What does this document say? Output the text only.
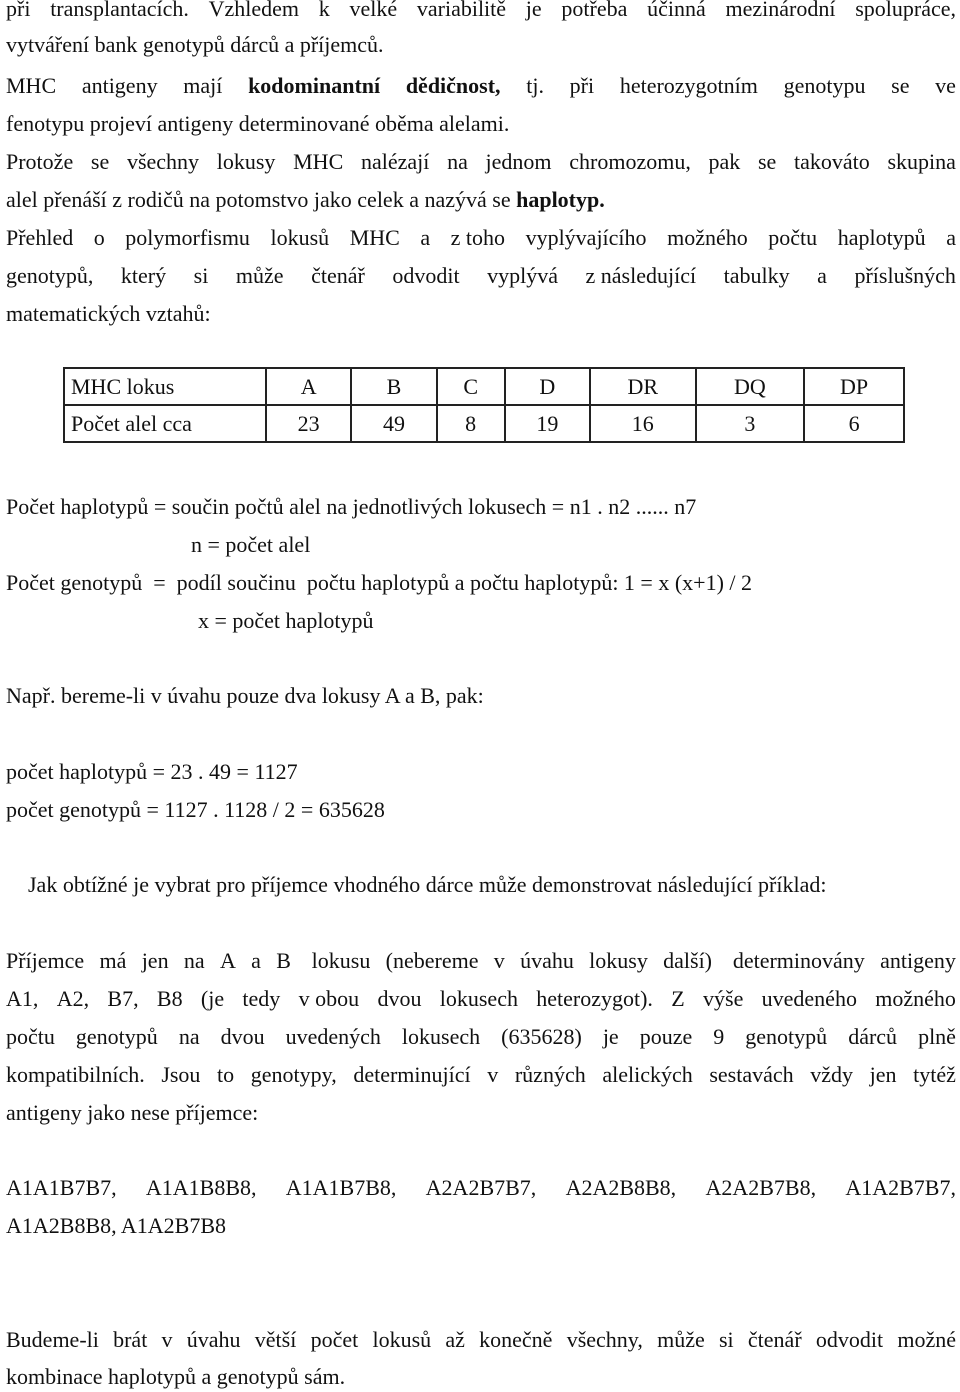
při transplantacích. Vzhledem k velké variabilitě je potřeba účinná mezinárodní spolupráce,
vytváření bank genotypů dárců a příjemců.
MHC antigeny mají kodominantní dědičnost, tj. při heterozygotním genotypu se ve
fenotypu projeví antigeny determinované oběma alelami.
Protože se všechny lokusy MHC nalézají na jednom chromozomu, pak se takováto skupina
alel přenáší z rodičů na potomstvo jako celek a nazývá se haplotyp.
Přehled o polymorfismu lokusů MHC a z toho vyplývajícího možného počtu haplotypů a
genotypů, který si může čtenář odvodit vyplývá z následující tabulky a příslušných
matematických vztahů:
MHC lokus	A	B	C	D	DR	DQ	DP
Počet alel cca	23	49	8	19	16	3	6
Počet haplotypů = součin počtů alel na jednotlivých lokusech = n1 . n2 ...... n7
n = počet alel
Počet genotypů  =  podíl součinu  počtu haplotypů a počtu haplotypů: 1 = x (x+1) / 2
x = počet haplotypů
Např. bereme-li v úvahu pouze dva lokusy A a B, pak:
počet haplotypů = 23 . 49 = 1127
počet genotypů = 1127 . 1128 / 2 = 635628
Jak obtížné je vybrat pro příjemce vhodného dárce může demonstrovat následující příklad:
Příjemce má jen na A a B lokusu (nebereme v úvahu lokusy další) determinovány antigeny
A1, A2, B7, B8 (je tedy v obou dvou lokusech heterozygot). Z výše uvedeného možného
počtu genotypů na dvou uvedených lokusech (635628) je pouze 9 genotypů dárců plně
kompatibilních. Jsou to genotypy, determinující v různých alelických sestavách vždy jen tytéž
antigeny jako nese příjemce:
A1A1B7B7, A1A1B8B8, A1A1B7B8, A2A2B7B7, A2A2B8B8, A2A2B7B8, A1A2B7B7,
A1A2B8B8, A1A2B7B8
Budeme-li brát v úvahu větší počet lokusů až konečně všechny, může si čtenář odvodit možné
kombinace haplotypů a genotypů sám.
